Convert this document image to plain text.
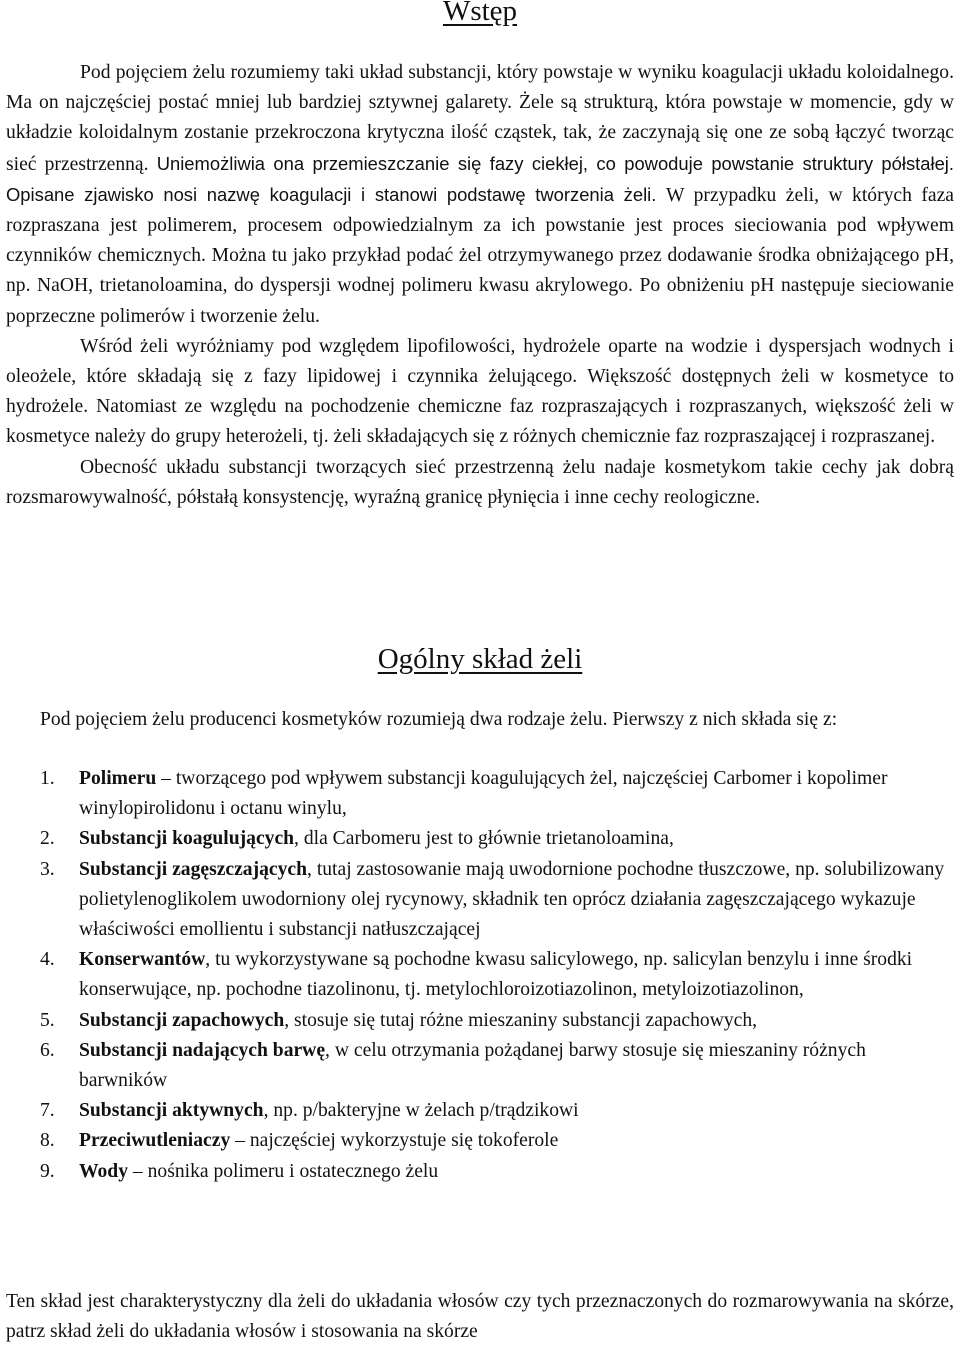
Wstęp

Pod pojęciem żelu rozumiemy taki układ substancji, który powstaje w wyniku koagulacji układu koloidalnego. Ma on najczęściej postać mniej lub bardziej sztywnej galarety. Żele są strukturą, która powstaje w momencie, gdy w układzie koloidalnym zostanie przekroczona krytyczna ilość cząstek, tak, że zaczynają się one ze sobą łączyć tworząc sieć przestrzenną. Uniemożliwia ona przemieszczanie się fazy ciekłej, co powoduje powstanie struktury półstałej. Opisane zjawisko nosi nazwę koagulacji i stanowi podstawę tworzenia żeli. W przypadku żeli, w których faza rozpraszana jest polimerem, procesem odpowiedzialnym za ich powstanie jest proces sieciowania pod wpływem czynników chemicznych. Można tu jako przykład podać żel otrzymywanego przez dodawanie środka obniżającego pH, np. NaOH, trietanoloamina, do dyspersji wodnej polimeru kwasu akrylowego. Po obniżeniu pH następuje sieciowanie poprzeczne polimerów i tworzenie żelu.

Wśród żeli wyróżniamy pod względem lipofilowości, hydrożele oparte na wodzie i dyspersjach wodnych i oleożele, które składają się z fazy lipidowej i czynnika żelującego. Większość dostępnych żeli w kosmetyce to hydrożele. Natomiast ze względu na pochodzenie chemiczne faz rozpraszających i rozpraszanych, większość żeli w kosmetyce należy do grupy heterożeli, tj. żeli składających się z różnych chemicznie faz rozpraszającej i rozpraszanej.

Obecność układu substancji tworzących sieć przestrzenną żelu nadaje kosmetykom takie cechy jak dobrą rozsmarowywalność, półstałą konsystencję, wyraźną granicę płynięcia i inne cechy reologiczne.

Ogólny skład żeli

Pod pojęciem żelu producenci kosmetyków rozumieją dwa rodzaje żelu. Pierwszy z nich składa się z:

1. Polimeru – tworzącego pod wpływem substancji koagulujących żel, najczęściej Carbomer i kopolimer winylopirolidonu i octanu winylu,
2. Substancji koagulujących, dla Carbomeru jest to głównie trietanoloamina,
3. Substancji zagęszczających, tutaj zastosowanie mają uwodornione pochodne tłuszczowe, np. solubilizowany polietylenoglikolem uwodorniony olej rycynowy, składnik ten oprócz działania zagęszczającego wykazuje właściwości emollientu i substancji natłuszczającej
4. Konserwantów, tu wykorzystywane są pochodne kwasu salicylowego, np. salicylan benzylu i inne środki konserwujące, np. pochodne tiazolinonu, tj. metylochloroizotiazolinon, metyloizotiazolinon,
5. Substancji zapachowych, stosuje się tutaj różne mieszaniny substancji zapachowych,
6. Substancji nadających barwę, w celu otrzymania pożądanej barwy stosuje się mieszaniny różnych barwników
7. Substancji aktywnych, np. p/bakteryjne w żelach p/trądzikowi
8. Przeciwutleniaczy – najczęściej wykorzystuje się tokoferole
9. Wody – nośnika polimeru i ostatecznego żelu

Ten skład jest charakterystyczny dla żeli do układania włosów czy tych przeznaczonych do rozmarowywania na skórze, patrz skład żeli do układania włosów i stosowania na skórze
